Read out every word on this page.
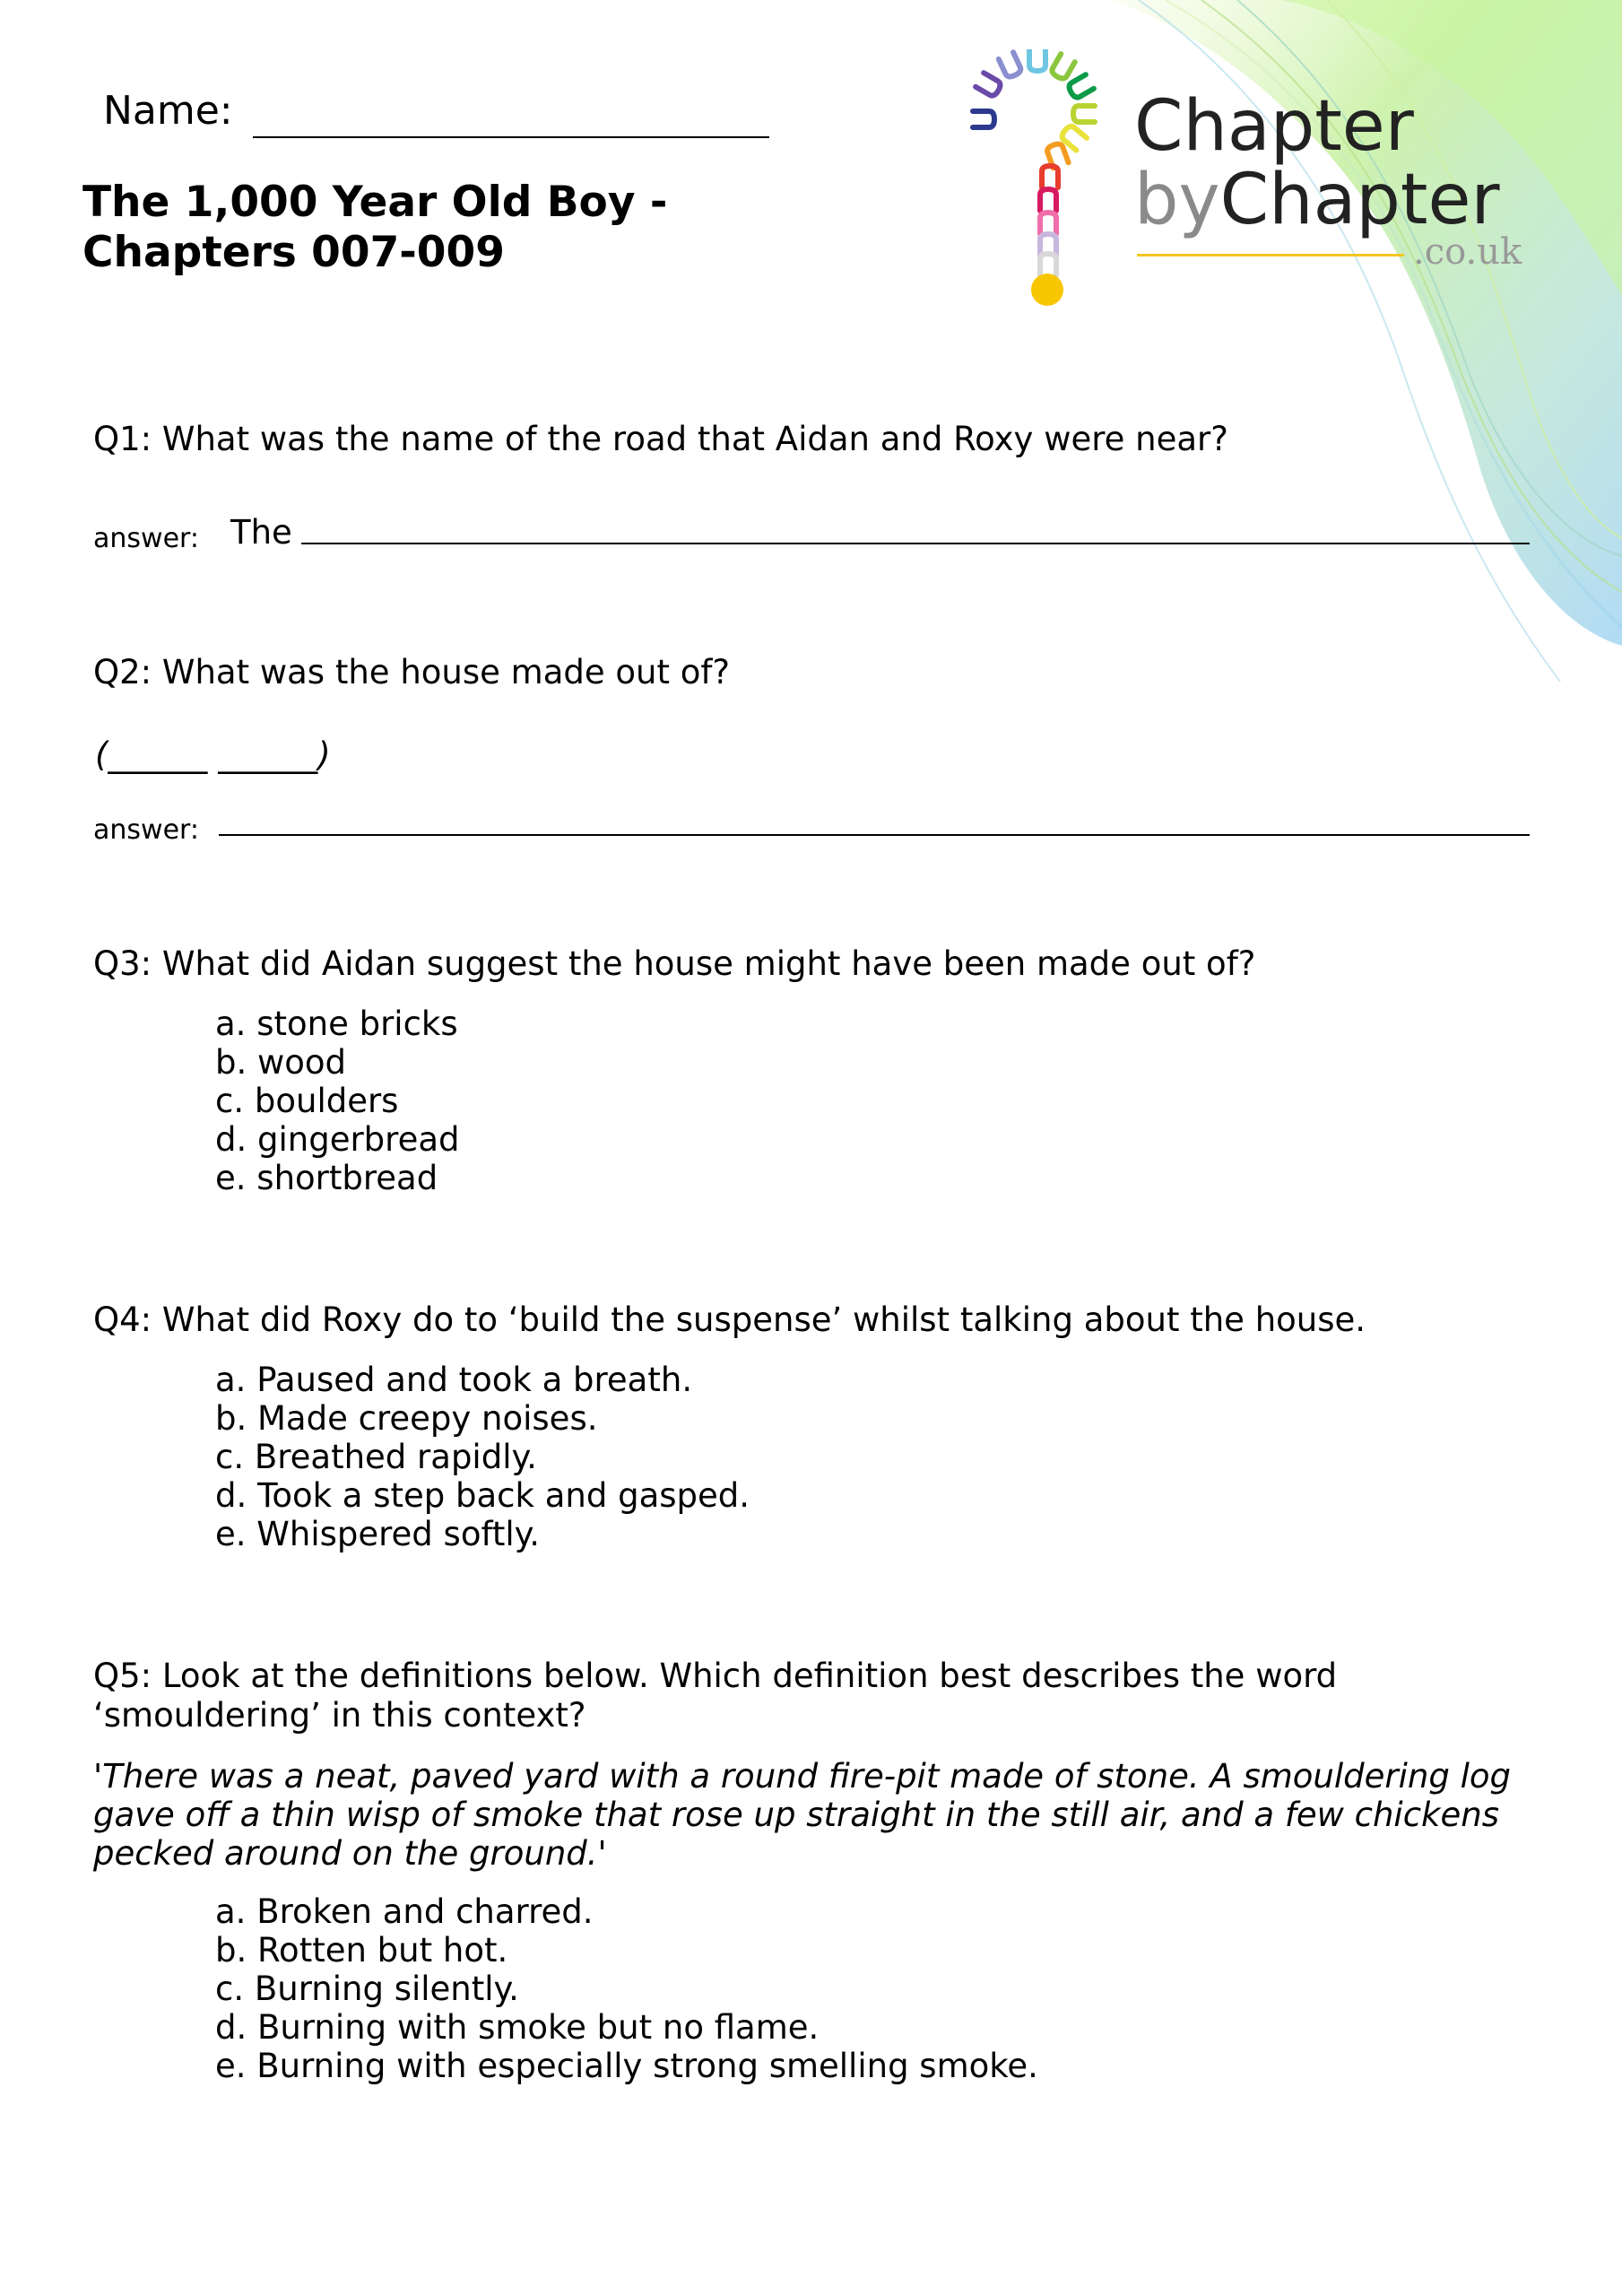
Name:
The 1,000 Year Old Boy -
Chapters 007-009
Chapter
byChapter
.co.uk
Q1: What was the name of the road that Aidan and Roxy were near?
answer: The
Q2: What was the house made out of?
(______ ______)
answer:
Q3: What did Aidan suggest the house might have been made out of?
a. stone bricks
b. wood
c. boulders
d. gingerbread
e. shortbread
Q4: What did Roxy do to ‘build the suspense’ whilst talking about the house.
a. Paused and took a breath.
b. Made creepy noises.
c. Breathed rapidly.
d. Took a step back and gasped.
e. Whispered softly.
Q5: Look at the definitions below. Which definition best describes the word
‘smouldering’ in this context?
'There was a neat, paved yard with a round fire-pit made of stone. A smouldering log
gave off a thin wisp of smoke that rose up straight in the still air, and a few chickens
pecked around on the ground.'
a. Broken and charred.
b. Rotten but hot.
c. Burning silently.
d. Burning with smoke but no flame.
e. Burning with especially strong smelling smoke.
